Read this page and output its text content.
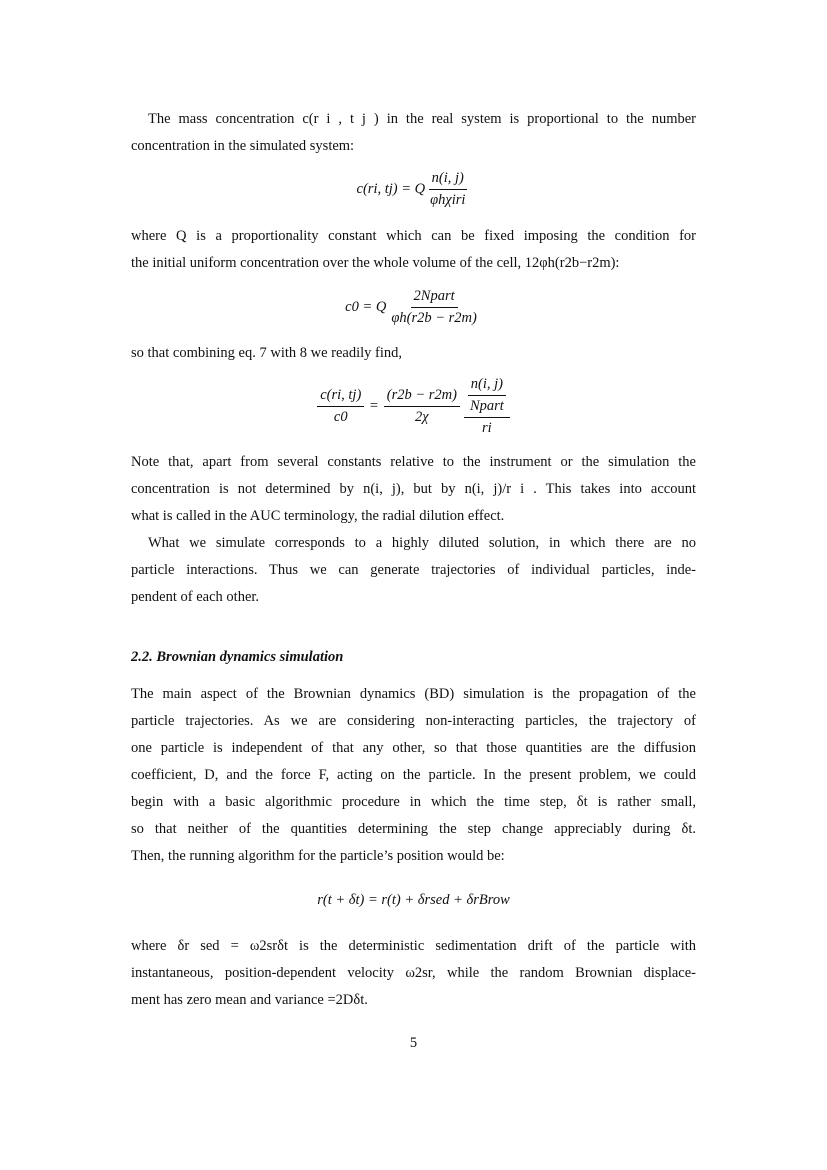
The mass concentration c(r i , t j ) in the real system is proportional to the number
concentration in the simulated system:
c(ri, tj) = Q $\frac{n(i, j)}{\text{φhχiri}}$
where Q is a proportionality constant which can be fixed imposing the condition for
the initial uniform concentration over the whole volume of the cell, 12φh(r2b−r2m):
c0 = Q $\frac{\text{2Npart}}{\varphi h(r2b - r2m)}$
so that combining eq. 7 with 8 we readily find,
$\frac{c(ri, tj)}{c0} = \frac{(r2b - r2m)}{2\chi} \frac{\frac{n(i, j)}{\text{Npart}}}{ri}$
Note that, apart from several constants relative to the instrument or the simulation the
concentration is not determined by n(i, j), but by n(i, j)/r i . This takes into account
what is called in the AUC terminology, the radial dilution effect.
What we simulate corresponds to a highly diluted solution, in which there are no
particle interactions. Thus we can generate trajectories of individual particles, inde-
pendent of each other.
2.2. Brownian dynamics simulation
The main aspect of the Brownian dynamics (BD) simulation is the propagation of the
particle trajectories. As we are considering non-interacting particles, the trajectory of
one particle is independent of that any other, so that those quantities are the diffusion
coefficient, D, and the force F, acting on the particle. In the present problem, we could
begin with a basic algorithmic procedure in which the time step, δt is rather small,
so that neither of the quantities determining the step change appreciably during δt.
Then, the running algorithm for the particle’s position would be:
r(t + δt) = r(t) + δrsed + δrBrow
where δr sed = ω2srδt is the deterministic sedimentation drift of the particle with
instantaneous, position-dependent velocity ω2sr, while the random Brownian displace-
ment has zero mean and variance =2Dδt.
5
